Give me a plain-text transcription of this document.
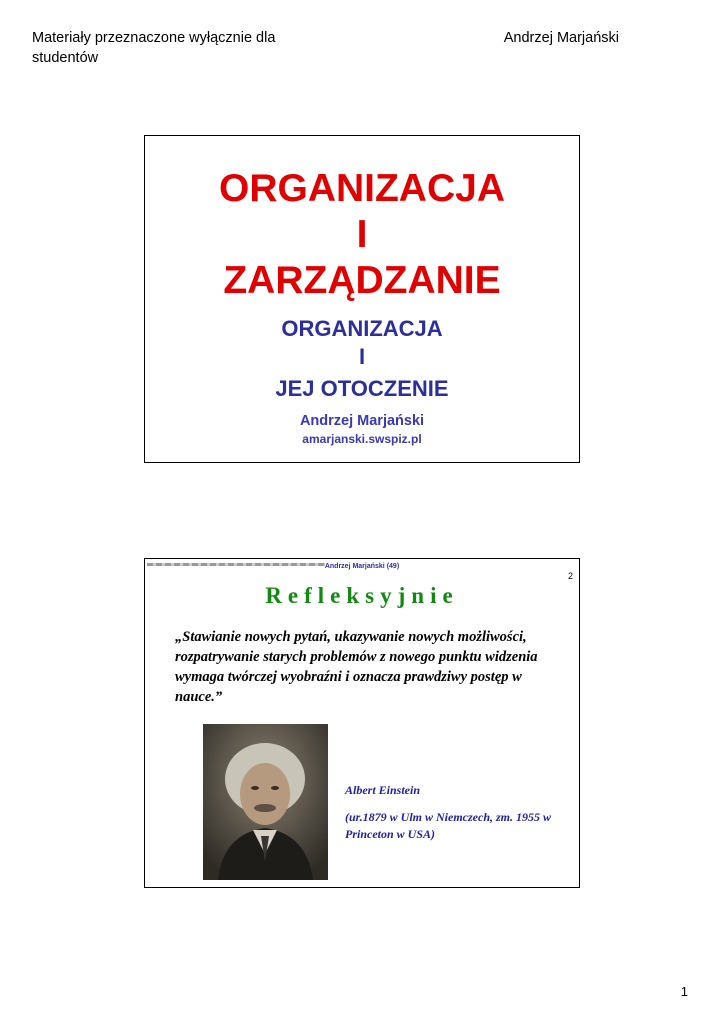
Materiały przeznaczone wyłącznie dla studentów
Andrzej Marjański
ORGANIZACJA
I
ZARZĄDZANIE
ORGANIZACJA
I
JEJ OTOCZENIE
Andrzej Marjański
amarjanski.swspiz.pl
Andrzej Marjański (49)
2
Refleksyjnie
„Stawianie nowych pytań, ukazywanie nowych możliwości, rozpatrywanie starych problemów z nowego punktu widzenia wymaga twórczej wyobraźni i oznacza prawdziwy postęp w nauce.”
Albert Einstein
(ur.1879 w Ulm w Niemczech, zm. 1955 w Princeton w USA)
1
